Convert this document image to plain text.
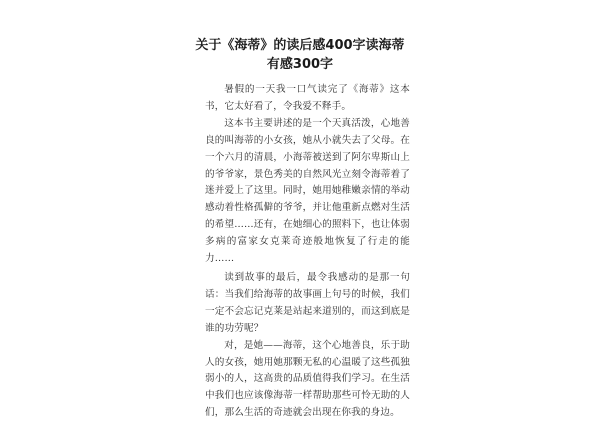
关于《海蒂》的读后感400字读海蒂
有感300字

暑假的一天我一口气读完了《海蒂》这本书，它太好看了，令我爱不释手。

这本书主要讲述的是一个天真活泼，心地善良的叫海蒂的小女孩，她从小就失去了父母。在一个六月的清晨，小海蒂被送到了阿尔卑斯山上的爷爷家，景色秀美的自然风光立刻令海蒂着了迷并爱上了这里。同时，她用她稚嫩亲情的举动感动着性格孤僻的爷爷，并让他重新点燃对生活的希望……还有，在她细心的照料下，也让体弱多病的富家女克莱奇迹般地恢复了行走的能力……

读到故事的最后，最令我感动的是那一句话：当我们给海蒂的故事画上句号的时候，我们一定不会忘记克莱是站起来道别的，而这到底是谁的功劳呢？

对，是她——海蒂，这个心地善良，乐于助人的女孩，她用她那颗无私的心温暖了这些孤独弱小的人，这高贵的品质值得我们学习。在生活中我们也应该像海蒂一样帮助那些可怜无助的人们，那么生活的奇迹就会出现在你我的身边。
